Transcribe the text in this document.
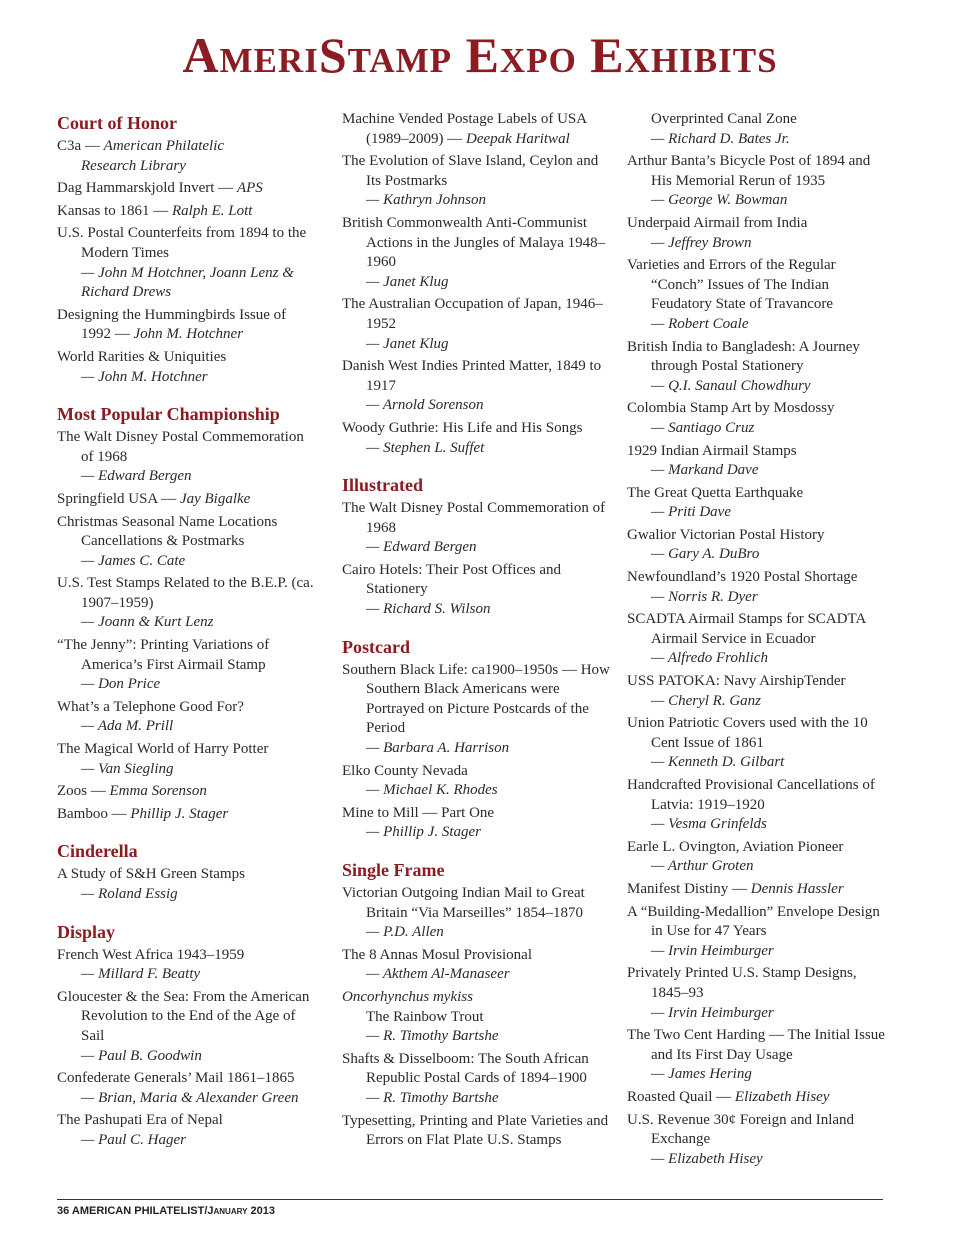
AmeriStamp Expo Exhibits
Court of Honor
C3a — American Philatelic
Research Library
Dag Hammarskjold Invert — APS
Kansas to 1861 — Ralph E. Lott
U.S. Postal Counterfeits from 1894 to the Modern Times
— John M Hotchner, Joann Lenz & Richard Drews
Designing the Hummingbirds Issue of 1992 — John M. Hotchner
World Rarities & Uniquities
— John M. Hotchner
Most Popular Championship
The Walt Disney Postal Commemoration of 1968
— Edward Bergen
Springfield USA — Jay Bigalke
Christmas Seasonal Name Locations Cancellations & Postmarks
— James C. Cate
U.S. Test Stamps Related to the B.E.P. (ca. 1907–1959)
— Joann & Kurt Lenz
“The Jenny”: Printing Variations of America’s First Airmail Stamp
— Don Price
What’s a Telephone Good For?
— Ada M. Prill
The Magical World of Harry Potter
— Van Siegling
Zoos — Emma Sorenson
Bamboo — Phillip J. Stager
Cinderella
A Study of S&H Green Stamps
— Roland Essig
Display
French West Africa 1943–1959
— Millard F. Beatty
Gloucester & the Sea: From the American Revolution to the End of the Age of Sail
— Paul B. Goodwin
Confederate Generals’ Mail 1861–1865
— Brian, Maria & Alexander Green
The Pashupati Era of Nepal
— Paul C. Hager
Machine Vended Postage Labels of USA (1989–2009) — Deepak Haritwal
The Evolution of Slave Island, Ceylon and Its Postmarks
— Kathryn Johnson
British Commonwealth Anti-Communist Actions in the Jungles of Malaya 1948–1960
— Janet Klug
The Australian Occupation of Japan, 1946–1952
— Janet Klug
Danish West Indies Printed Matter, 1849 to 1917
— Arnold Sorenson
Woody Guthrie: His Life and His Songs
— Stephen L. Suffet
Illustrated
The Walt Disney Postal Commemoration of 1968
— Edward Bergen
Cairo Hotels: Their Post Offices and Stationery
— Richard S. Wilson
Postcard
Southern Black Life: ca1900–1950s — How Southern Black Americans were Portrayed on Picture Postcards of the Period
— Barbara A. Harrison
Elko County Nevada
— Michael K. Rhodes
Mine to Mill — Part One
— Phillip J. Stager
Single Frame
Victorian Outgoing Indian Mail to Great Britain “Via Marseilles” 1854–1870
— P.D. Allen
The 8 Annas Mosul Provisional
— Akthem Al-Manaseer
Oncorhynchus mykiss
The Rainbow Trout
— R. Timothy Bartshe
Shafts & Disselboom: The South African Republic Postal Cards of 1894–1900
— R. Timothy Bartshe
Typesetting, Printing and Plate Varieties and Errors on Flat Plate U.S. Stamps
Overprinted Canal Zone
— Richard D. Bates Jr.
Arthur Banta’s Bicycle Post of 1894 and His Memorial Rerun of 1935
— George W. Bowman
Underpaid Airmail from India
— Jeffrey Brown
Varieties and Errors of the Regular “Conch” Issues of The Indian Feudatory State of Travancore
— Robert Coale
British India to Bangladesh: A Journey through Postal Stationery
— Q.I. Sanaul Chowdhury
Colombia Stamp Art by Mosdossy
— Santiago Cruz
1929 Indian Airmail Stamps
— Markand Dave
The Great Quetta Earthquake
— Priti Dave
Gwalior Victorian Postal History
— Gary A. DuBro
Newfoundland’s 1920 Postal Shortage
— Norris R. Dyer
SCADTA Airmail Stamps for SCADTA Airmail Service in Ecuador
— Alfredo Frohlich
USS PATOKA: Navy AirshipTender
— Cheryl R. Ganz
Union Patriotic Covers used with the 10 Cent Issue of 1861
— Kenneth D. Gilbart
Handcrafted Provisional Cancellations of Latvia: 1919–1920
— Vesma Grinfelds
Earle L. Ovington, Aviation Pioneer
— Arthur Groten
Manifest Distiny — Dennis Hassler
A “Building-Medallion” Envelope Design in Use for 47 Years
— Irvin Heimburger
Privately Printed U.S. Stamp Designs, 1845–93
— Irvin Heimburger
The Two Cent Harding — The Initial Issue and Its First Day Usage
— James Hering
Roasted Quail — Elizabeth Hisey
U.S. Revenue 30¢ Foreign and Inland Exchange
— Elizabeth Hisey
36 AMERICAN PHILATELIST/January 2013
